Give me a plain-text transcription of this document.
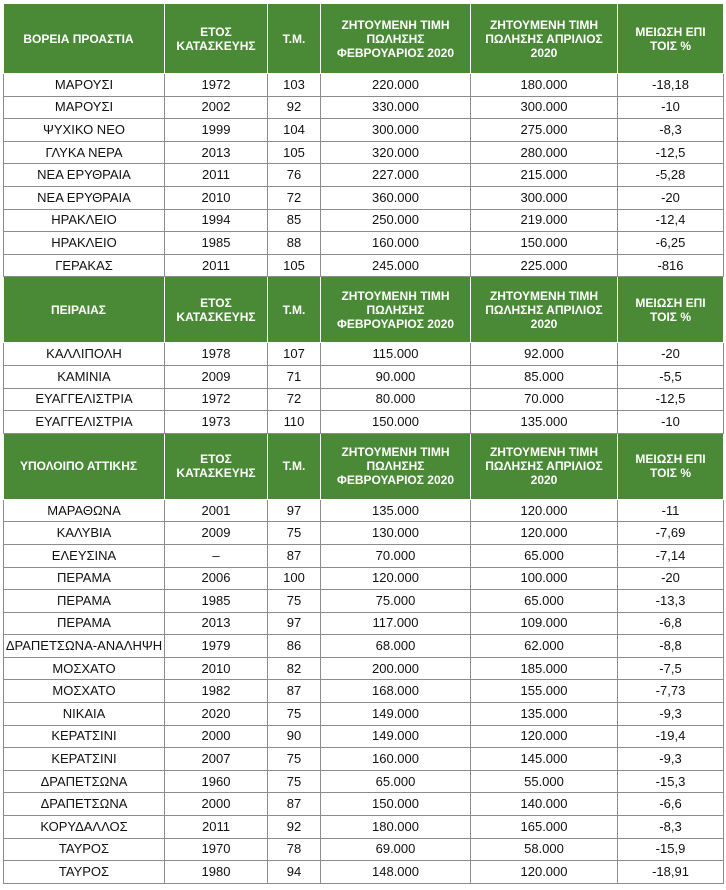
ΒΟΡΕΙΑ ΠΡΟΑΣΤΙΑ	ΕΤΟΣ ΚΑΤΑΣΚΕΥΗΣ	Τ.Μ.	ΖΗΤΟΥΜΕΝΗ ΤΙΜΗ ΠΩΛΗΣΗΣ ΦΕΒΡΟΥΑΡΙΟΣ 2020	ΖΗΤΟΥΜΕΝΗ ΤΙΜΗ ΠΩΛΗΣΗΣ ΑΠΡΙΛΙΟΣ 2020	ΜΕΙΩΣΗ ΕΠΙ ΤΟΙΣ %
ΜΑΡΟΥΣΙ	1972	103	220.000	180.000	-18,18
ΜΑΡΟΥΣΙ	2002	92	330.000	300.000	-10
ΨΥΧΙΚΟ ΝΕΟ	1999	104	300.000	275.000	-8,3
ΓΛΥΚΑ ΝΕΡΑ	2013	105	320.000	280.000	-12,5
ΝΕΑ ΕΡΥΘΡΑΙΑ	2011	76	227.000	215.000	-5,28
ΝΕΑ ΕΡΥΘΡΑΙΑ	2010	72	360.000	300.000	-20
ΗΡΑΚΛΕΙΟ	1994	85	250.000	219.000	-12,4
ΗΡΑΚΛΕΙΟ	1985	88	160.000	150.000	-6,25
ΓΕΡΑΚΑΣ	2011	105	245.000	225.000	-816
ΠΕΙΡΑΙΑΣ	ΕΤΟΣ ΚΑΤΑΣΚΕΥΗΣ	Τ.Μ.	ΖΗΤΟΥΜΕΝΗ ΤΙΜΗ ΠΩΛΗΣΗΣ ΦΕΒΡΟΥΑΡΙΟΣ 2020	ΖΗΤΟΥΜΕΝΗ ΤΙΜΗ ΠΩΛΗΣΗΣ ΑΠΡΙΛΙΟΣ 2020	ΜΕΙΩΣΗ ΕΠΙ ΤΟΙΣ %
ΚΑΛΛΙΠΟΛΗ	1978	107	115.000	92.000	-20
ΚΑΜΙΝΙΑ	2009	71	90.000	85.000	-5,5
ΕΥΑΓΓΕΛΙΣΤΡΙΑ	1972	72	80.000	70.000	-12,5
ΕΥΑΓΓΕΛΙΣΤΡΙΑ	1973	110	150.000	135.000	-10
ΥΠΟΛΟΙΠΟ ΑΤΤΙΚΗΣ	ΕΤΟΣ ΚΑΤΑΣΚΕΥΗΣ	Τ.Μ.	ΖΗΤΟΥΜΕΝΗ ΤΙΜΗ ΠΩΛΗΣΗΣ ΦΕΒΡΟΥΑΡΙΟΣ 2020	ΖΗΤΟΥΜΕΝΗ ΤΙΜΗ ΠΩΛΗΣΗΣ ΑΠΡΙΛΙΟΣ 2020	ΜΕΙΩΣΗ ΕΠΙ ΤΟΙΣ %
ΜΑΡΑΘΩΝΑ	2001	97	135.000	120.000	-11
ΚΑΛΥΒΙΑ	2009	75	130.000	120.000	-7,69
ΕΛΕΥΣΙΝΑ	–	87	70.000	65.000	-7,14
ΠΕΡΑΜΑ	2006	100	120.000	100.000	-20
ΠΕΡΑΜΑ	1985	75	75.000	65.000	-13,3
ΠΕΡΑΜΑ	2013	97	117.000	109.000	-6,8
ΔΡΑΠΕΤΣΩΝΑ-ΑΝΑΛΗΨΗ	1979	86	68.000	62.000	-8,8
ΜΟΣΧΑΤΟ	2010	82	200.000	185.000	-7,5
ΜΟΣΧΑΤΟ	1982	87	168.000	155.000	-7,73
ΝΙΚΑΙΑ	2020	75	149.000	135.000	-9,3
ΚΕΡΑΤΣΙΝΙ	2000	90	149.000	120.000	-19,4
ΚΕΡΑΤΣΙΝΙ	2007	75	160.000	145.000	-9,3
ΔΡΑΠΕΤΣΩΝΑ	1960	75	65.000	55.000	-15,3
ΔΡΑΠΕΤΣΩΝΑ	2000	87	150.000	140.000	-6,6
ΚΟΡΥΔΑΛΛΟΣ	2011	92	180.000	165.000	-8,3
ΤΑΥΡΟΣ	1970	78	69.000	58.000	-15,9
ΤΑΥΡΟΣ	1980	94	148.000	120.000	-18,91
